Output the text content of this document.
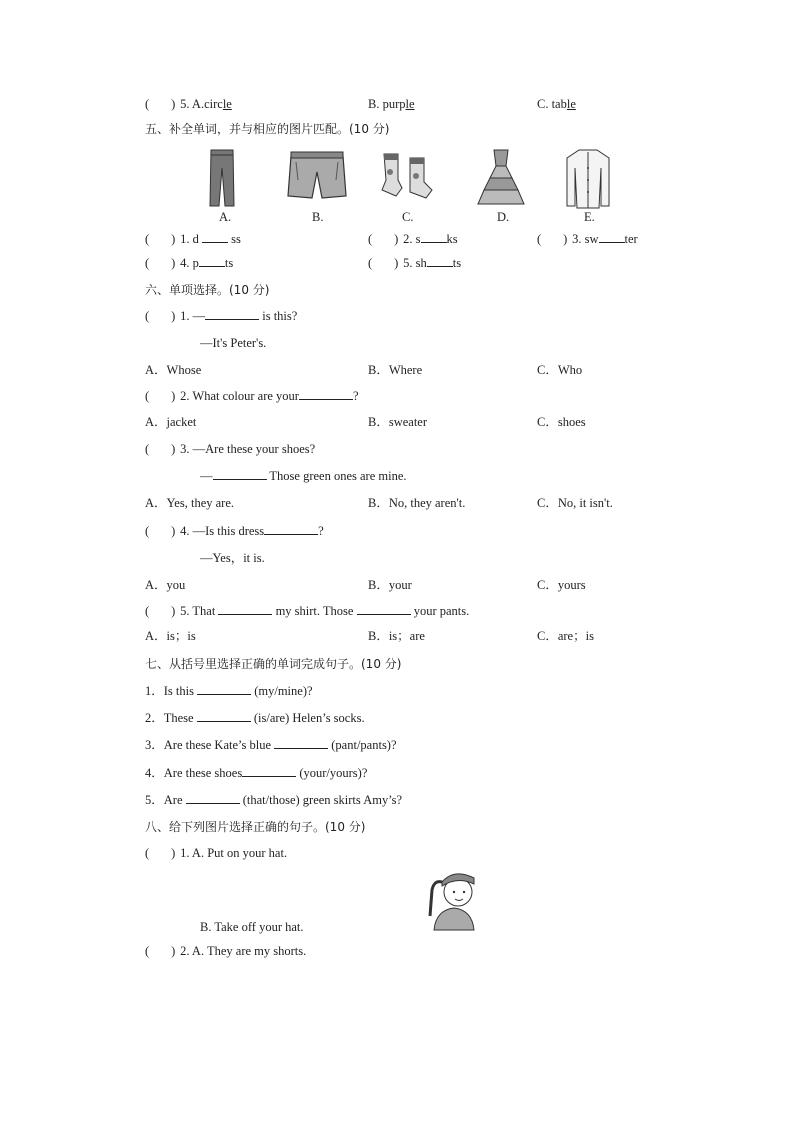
( ) 5. A.circle	B. purple	C. table
五、补全单词，并与相应的图片匹配。(10 分)
A.	B.	C.	D.	E.
( ) 1. d	ss	( ) 2. s ks	( ) 3. sw ter
( ) 4. p ts	( ) 5. sh ts
六、单项选择。(10 分)
( ) 1. —	is this?
—It's Peter's.
A．Whose	B．Where	C．Who
( ) 2. What colour are your	?
A．jacket	B．sweater	C．shoes
( ) 3. —Are these your shoes?
—	Those green ones are mine.
A．Yes, they are.	B．No, they aren't.	C．No, it isn't.
( ) 4. —Is this dress	?
—Yes，it is.
A．you	B．your	C．yours
( ) 5. That	my shirt. Those	your pants.
A．is；is	B．is；are	C．are；is
七、从括号里选择正确的单词完成句子。(10 分)
1．Is this	(my/mine)?
2．These	(is/are) Helen’s socks.
3．Are these Kate’s blue	(pant/pants)?
4．Are these shoes	(your/yours)?
5．Are	(that/those) green skirts Amy’s?
八、给下列图片选择正确的句子。(10 分)
( ) 1. A. Put on your hat.
B. Take off your hat.
( ) 2. A. They are my shorts.
